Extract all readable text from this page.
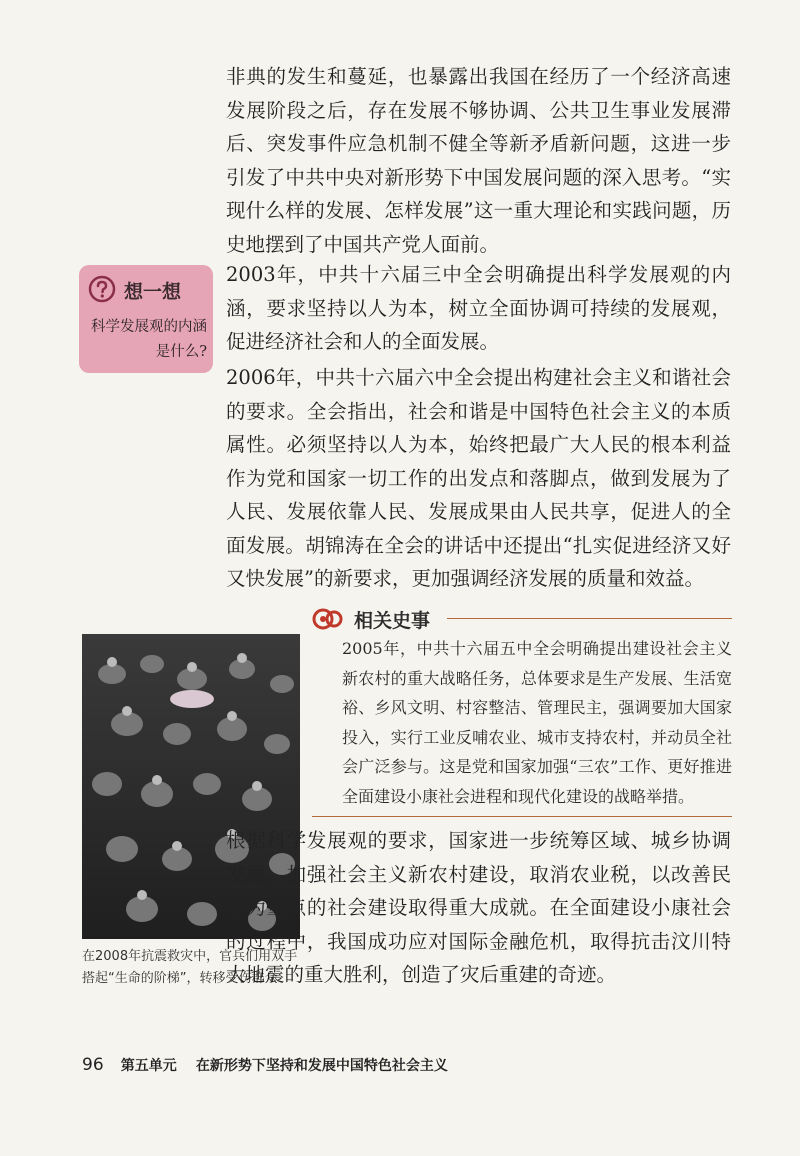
非典的发生和蔓延，也暴露出我国在经历了一个经济高速发展阶段之后，存在发展不够协调、公共卫生事业发展滞后、突发事件应急机制不健全等新矛盾新问题，这进一步引发了中共中央对新形势下中国发展问题的深入思考。“实现什么样的发展、怎样发展”这一重大理论和实践问题，历史地摆到了中国共产党人面前。

想一想
科学发展观的内涵是什么?

2003年，中共十六届三中全会明确提出科学发展观的内涵，要求坚持以人为本，树立全面协调可持续的发展观，促进经济社会和人的全面发展。

2006年，中共十六届六中全会提出构建社会主义和谐社会的要求。全会指出，社会和谐是中国特色社会主义的本质属性。必须坚持以人为本，始终把最广大人民的根本利益作为党和国家一切工作的出发点和落脚点，做到发展为了人民、发展依靠人民、发展成果由人民共享，促进人的全面发展。胡锦涛在全会的讲话中还提出“扎实促进经济又好又快发展”的新要求，更加强调经济发展的质量和效益。

相关史事

2005年，中共十六届五中全会明确提出建设社会主义新农村的重大战略任务，总体要求是生产发展、生活宽裕、乡风文明、村容整洁、管理民主，强调要加大国家投入，实行工业反哺农业、城市支持农村，并动员全社会广泛参与。这是党和国家加强“三农”工作、更好推进全面建设小康社会进程和现代化建设的战略举措。

在2008年抗震救灾中，官兵们用双手搭起“生命的阶梯”，转移受伤群众

根据科学发展观的要求，国家进一步统筹区域、城乡协调发展，加强社会主义新农村建设，取消农业税，以改善民生为重点的社会建设取得重大成就。在全面建设小康社会的过程中，我国成功应对国际金融危机，取得抗击汶川特大地震的重大胜利，创造了灾后重建的奇迹。

96 第五单元 在新形势下坚持和发展中国特色社会主义
